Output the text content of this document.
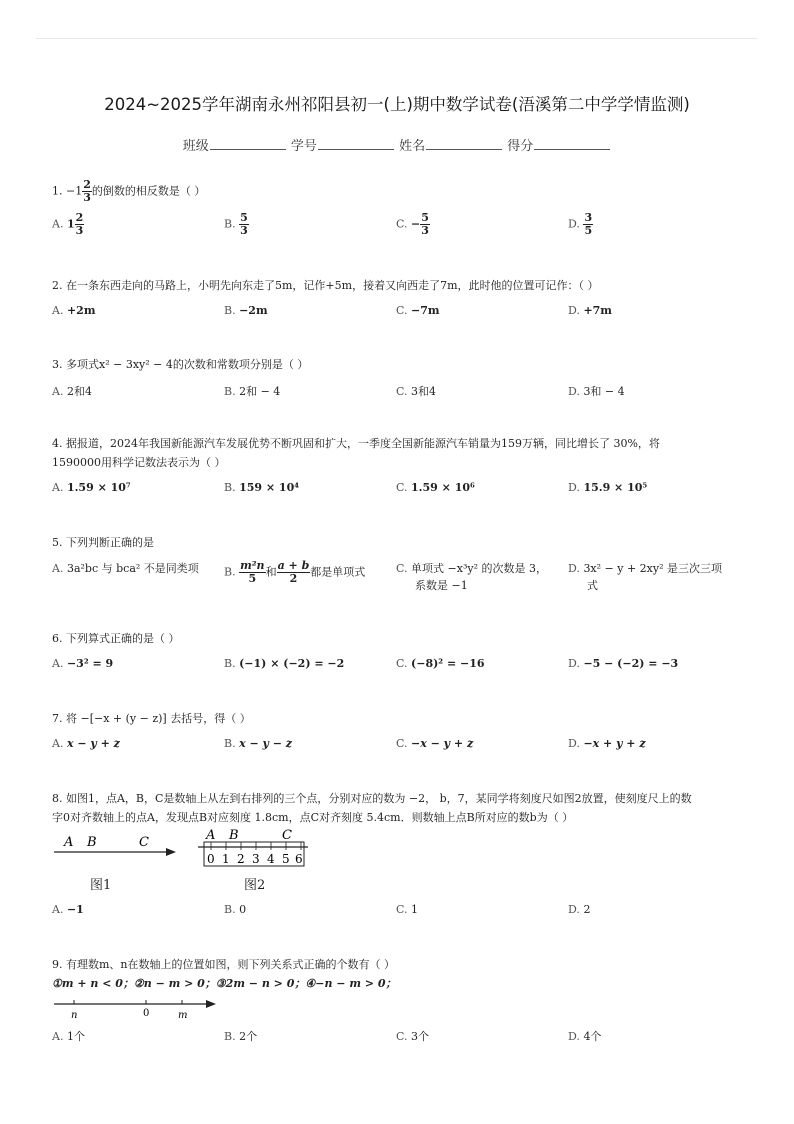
2024~2025学年湖南永州祁阳县初一(上)期中数学试卷(浯溪第二中学学情监测)
班级	学号	姓名	得分
1. $-1 \frac{2}{3}$ 的倒数的相反数是（ ）
A. $1 \frac{2}{3}$	B. $\frac{5}{3}$	C. − $\frac{5}{3}$	D. $\frac{3}{5}$
2. 在一条东西走向的马路上，小明先向东走了5m，记作+5m，接着又向西走了7m，此时他的位置可记作：（ ）
A. +2m	B. −2m	C. −7m	D. +7m
3. 多项式x² − 3xy² − 4的次数和常数项分别是（ ）
A. 2和4	B. 2和 − 4	C. 3和4	D. 3和 − 4
4. 据报道，2024年我国新能源汽车发展优势不断巩固和扩大，一季度全国新能源汽车销量为159万辆，同比增长了 30%，将
1590000用科学记数法表示为（ ）
A. 1.59 × 10⁷	B. 159 × 10⁴	C. 1.59 × 10⁶	D. 15.9 × 10⁵
5. 下列判断正确的是
A. 3a²bc 与 bca² 不是同类项	B. $\frac{\text{m²n}}{5}$ 和 $\frac{a + b}{2}$ 都是单项式	C. 单项式 −x³y² 的次数是 3，
系数是 −1
D. 3x² − y + 2xy² 是三次三项
式
6. 下列算式正确的是（ ）
A. −3² = 9	B. (−1) × (−2) = −2	C. (−8)² = −16	D. −5 − (−2) = −3
7. 将 −[−x + (y − z)] 去括号，得（ ）
A. x − y + z	B. x − y − z	C. −x − y + z	D. −x + y + z
8. 如图1，点A，B，C是数轴上从左到右排列的三个点，分别对应的数为 −2， b，7，某同学将刻度尺如图2放置，使刻度尺上的数
字0对齐数轴上的点A，发现点B对应刻度 1.8cm，点C对齐刻度 5.4cm．则数轴上点B所对应的数b为（ ）
A B	C
图1
A B	C
0 1 2 3 4 5 6
图2
A. −1	B. 0	C. 1	D. 2
9. 有理数m、n在数轴上的位置如图，则下列关系式正确的个数有（ ）
①m + n < 0；②n − m > 0；③2m − n > 0；④−n − m > 0；
n	0	m
A. 1个	B. 2个	C. 3个	D. 4个
